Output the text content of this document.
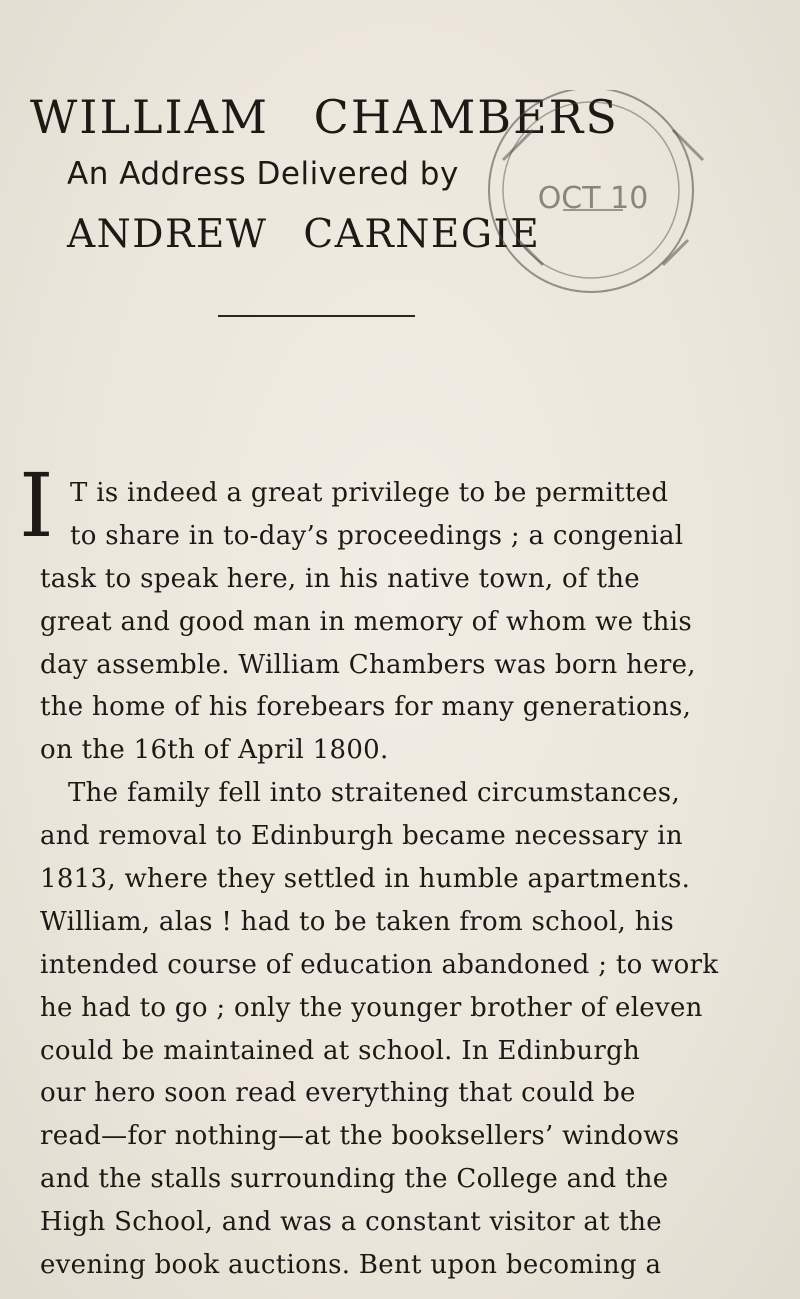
WILLIAM CHAMBERS
An Address Delivered by
ANDREW CARNEGIE
OCT 10
I T is indeed a great privilege to be permitted
to share in to-day’s proceedings ; a congenial
task to speak here, in his native town, of the
great and good man in memory of whom we this
day assemble. William Chambers was born here,
the home of his forebears for many generations,
on the 16th of April 1800.
The family fell into straitened circumstances,
and removal to Edinburgh became necessary in
1813, where they settled in humble apartments.
William, alas ! had to be taken from school, his
intended course of education abandoned ; to work
he had to go ; only the younger brother of eleven
could be maintained at school. In Edinburgh
our hero soon read everything that could be
read—for nothing—at the booksellers’ windows
and the stalls surrounding the College and the
High School, and was a constant visitor at the
evening book auctions. Bent upon becoming a
